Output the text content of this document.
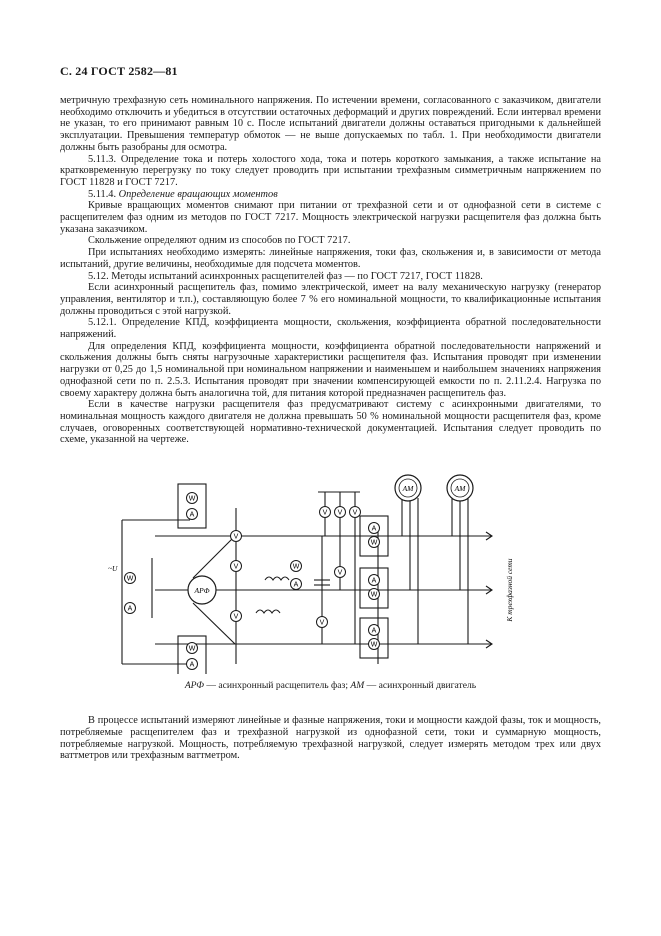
С. 24 ГОСТ 2582—81

метричную трехфазную сеть номинального напряжения. По истечении времени, согласованного с заказчиком, двигатели необходимо отключить и убедиться в отсутствии остаточных деформаций и других повреждений. Если интервал времени не указан, то его принимают равным 10 с. После испытаний двигатели должны оставаться пригодными к дальнейшей эксплуатации. Превышения температур обмоток — не выше допускаемых по табл. 1. При необходимости двигатели должны быть разобраны для осмотра.

5.11.3. Определение тока и потерь холостого хода, тока и потерь короткого замыкания, а также испытание на кратковременную перегрузку по току следует проводить при испытании трехфазным симметричным напряжением по ГОСТ 11828 и ГОСТ 7217.

5.11.4. Определение вращающих моментов

Кривые вращающих моментов снимают при питании от трехфазной сети и от однофазной сети в системе с расщепителем фаз одним из методов по ГОСТ 7217. Мощность электрической нагрузки расщепителя фаз должна быть указана заказчиком.

Скольжение определяют одним из способов по ГОСТ 7217.

При испытаниях необходимо измерять: линейные напряжения, токи фаз, скольжения и, в зависимости от метода испытаний, другие величины, необходимые для подсчета моментов.

5.12. Методы испытаний асинхронных расщепителей фаз — по ГОСТ 7217, ГОСТ 11828.

Если асинхронный расщепитель фаз, помимо электрической, имеет на валу механическую нагрузку (генератор управления, вентилятор и т.п.), составляющую более 7 % его номинальной мощности, то квалификационные испытания должны проводиться с этой нагрузкой.

5.12.1. Определение КПД, коэффициента мощности, скольжения, коэффициента обратной последовательности напряжений.

Для определения КПД, коэффициента мощности, коэффициента обратной последовательности напряжений и скольжения должны быть сняты нагрузочные характеристики расщепителя фаз. Испытания проводят при изменении нагрузки от 0,25 до 1,5 номинальной при номинальном напряжении и наименьшем и наибольшем значениях напряжения однофазной сети по п. 2.5.3. Испытания проводят при значении компенсирующей емкости по п. 2.11.2.4. Нагрузка по своему характеру должна быть аналогична той, для питания которой предназначен расщепитель фаз.

Если в качестве нагрузки расщепителя фаз предусматривают систему с асинхронными двигателями, то номинальная мощность каждого двигателя не должна превышать 50 % номинальной мощности расщепителя фаз, кроме случаев, оговоренных соответствующей нормативно-технической документацией. Испытания следует проводить по схеме, указанной на чертеже.

АРФ
АМ	АМ
~U
W
A
W
A
W
A
V
V
V
W
A
V V V
V
V
A
W
A
W
A
W
К трехфазной сети
АРФ — асинхронный расщепитель фаз; АМ — асинхронный двигатель

В процессе испытаний измеряют линейные и фазные напряжения, токи и мощности каждой фазы, ток и мощность, потребляемые расщепителем фаз и трехфазной нагрузкой из однофазной сети, токи и суммарную мощность, потребляемые нагрузкой. Мощность, потребляемую трехфазной нагрузкой, следует измерять методом трех или двух ваттметров или трехфазным ваттметром.
